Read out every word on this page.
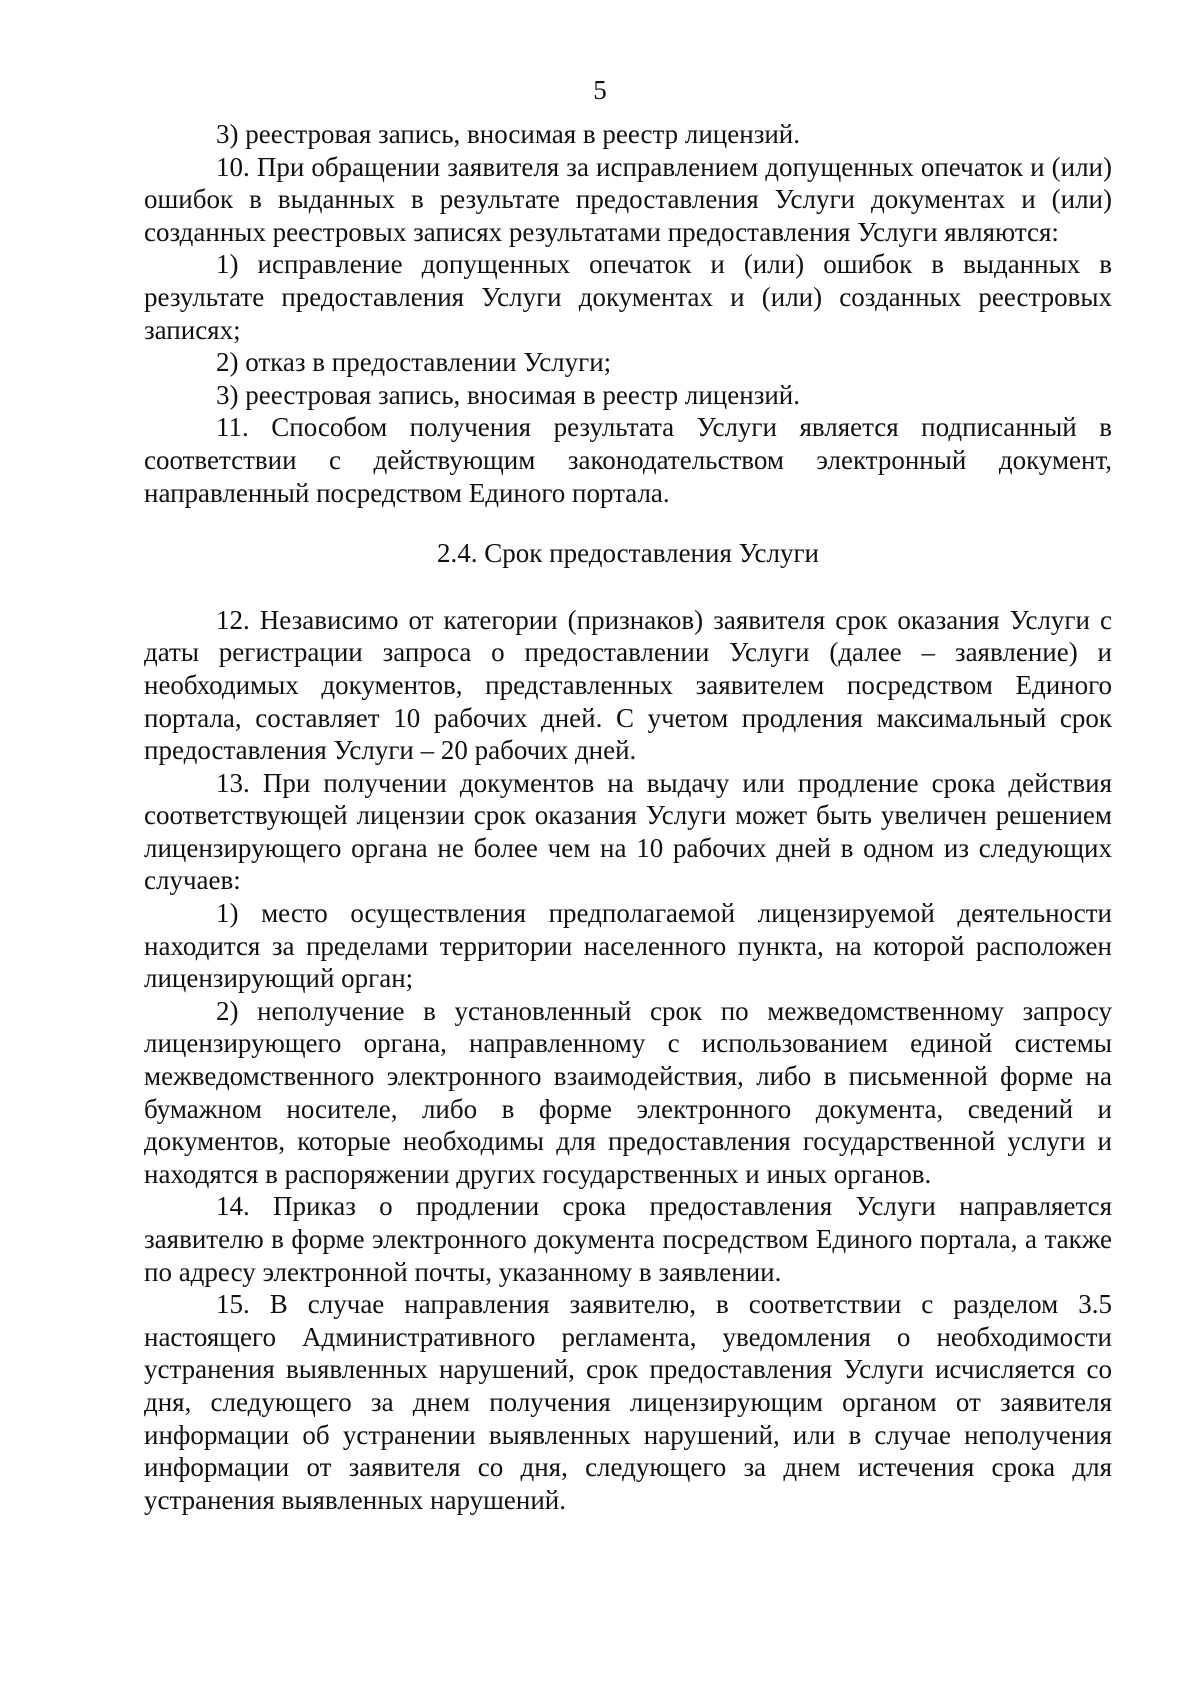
5

3) реестровая запись, вносимая в реестр лицензий.

10. При обращении заявителя за исправлением допущенных опечаток и (или) ошибок в выданных в результате предоставления Услуги документах и (или) созданных реестровых записях результатами предоставления Услуги являются:

1) исправление допущенных опечаток и (или) ошибок в выданных в результате предоставления Услуги документах и (или) созданных реестровых записях;

2) отказ в предоставлении Услуги;

3) реестровая запись, вносимая в реестр лицензий.

11. Способом получения результата Услуги является подписанный в соответствии с действующим законодательством электронный документ, направленный посредством Единого портала.

2.4. Срок предоставления Услуги

12. Независимо от категории (признаков) заявителя срок оказания Услуги с даты регистрации запроса о предоставлении Услуги (далее – заявление) и необходимых документов, представленных заявителем посредством Единого портала, составляет 10 рабочих дней. С учетом продления максимальный срок предоставления Услуги – 20 рабочих дней.

13. При получении документов на выдачу или продление срока действия соответствующей лицензии срок оказания Услуги может быть увеличен решением лицензирующего органа не более чем на 10 рабочих дней в одном из следующих случаев:

1) место осуществления предполагаемой лицензируемой деятельности находится за пределами территории населенного пункта, на которой расположен лицензирующий орган;

2) неполучение в установленный срок по межведомственному запросу лицензирующего органа, направленному с использованием единой системы межведомственного электронного взаимодействия, либо в письменной форме на бумажном носителе, либо в форме электронного документа, сведений и документов, которые необходимы для предоставления государственной услуги и находятся в распоряжении других государственных и иных органов.

14. Приказ о продлении срока предоставления Услуги направляется заявителю в форме электронного документа посредством Единого портала, а также по адресу электронной почты, указанному в заявлении.

15. В случае направления заявителю, в соответствии с разделом 3.5 настоящего Административного регламента, уведомления о необходимости устранения выявленных нарушений, срок предоставления Услуги исчисляется со дня, следующего за днем получения лицензирующим органом от заявителя информации об устранении выявленных нарушений, или в случае неполучения информации от заявителя со дня, следующего за днем истечения срока для устранения выявленных нарушений.
